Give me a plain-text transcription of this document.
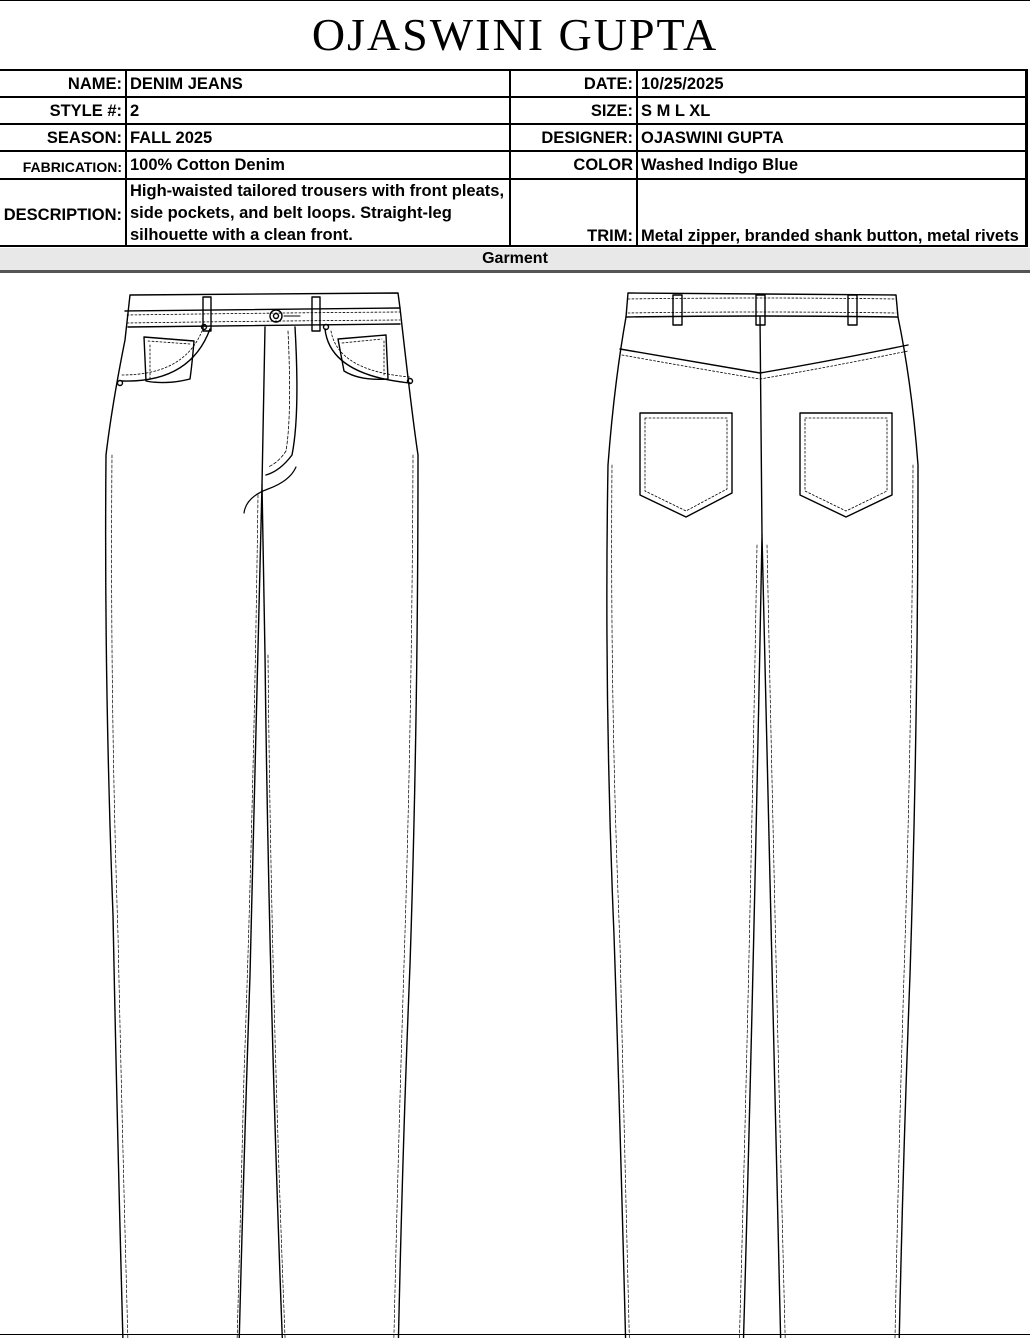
OJASWINI GUPTA
NAME: DENIM JEANS	DATE: 10/25/2025
STYLE #: 2	SIZE: S M L XL
SEASON: FALL 2025	DESIGNER: OJASWINI GUPTA
FABRICATION: 100% Cotton Denim	COLOR Washed Indigo Blue
DESCRIPTION:
High-waisted tailored trousers with front pleats, side pockets, and belt loops. Straight-leg silhouette with a clean front.	TRIM: Metal zipper, branded shank button, metal rivets
Garment
